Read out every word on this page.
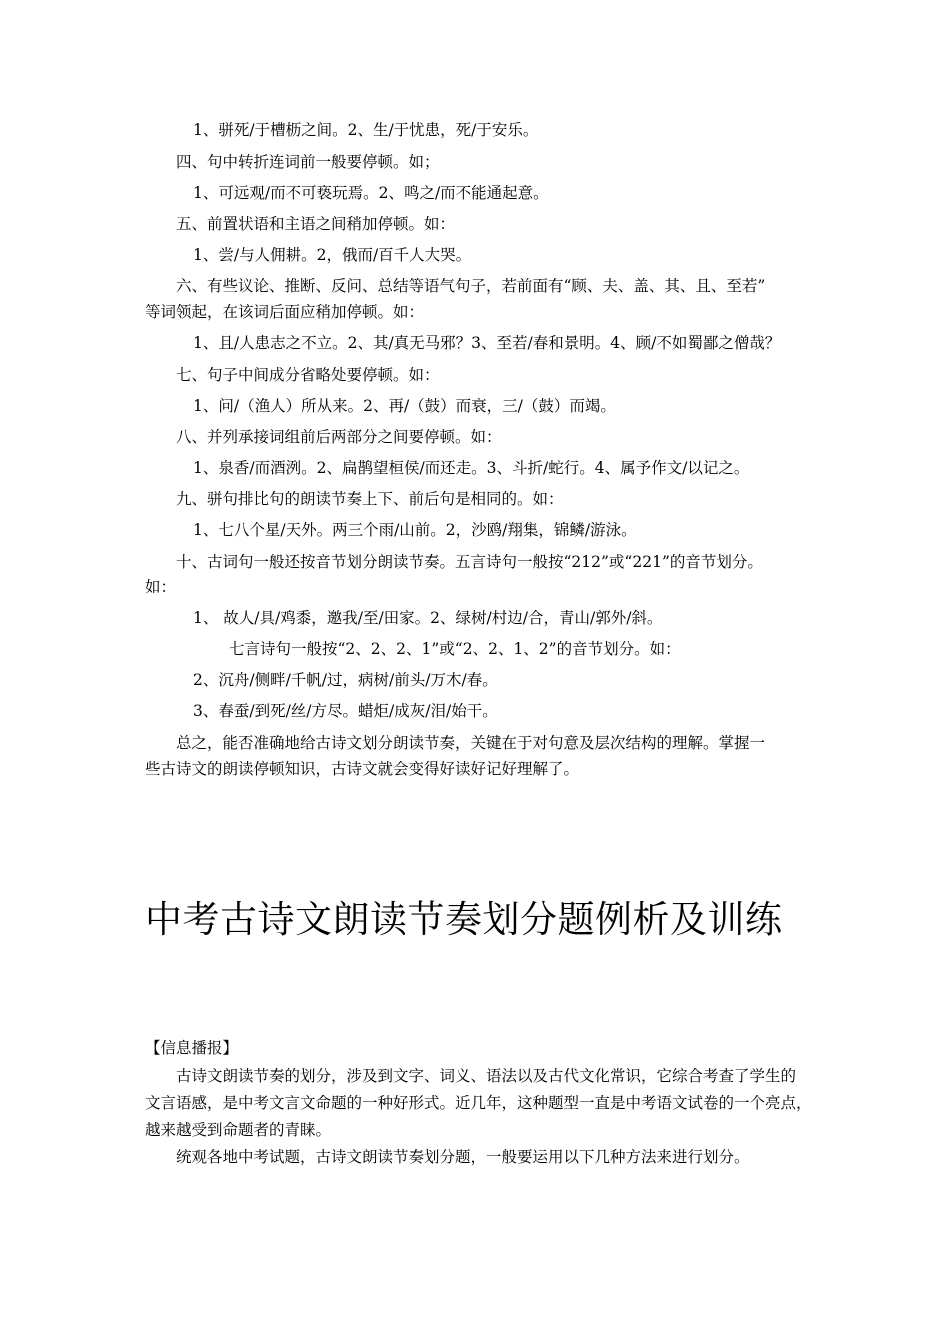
1、骈死/于槽枥之间。2、生/于忧患，死/于安乐。
四、句中转折连词前一般要停顿。如；
1、可远观/而不可亵玩焉。2、鸣之/而不能通起意。
五、前置状语和主语之间稍加停顿。如：
1、尝/与人佣耕。2，俄而/百千人大哭。
六、有些议论、推断、反问、总结等语气句子，若前面有“顾、夫、盖、其、且、至若”
等词领起，在该词后面应稍加停顿。如：
1、且/人患志之不立。2、其/真无马邪？3、至若/春和景明。4、顾/不如蜀鄙之僧哉？
七、句子中间成分省略处要停顿。如：
1、问/（渔人）所从来。2、再/（鼓）而衰，三/（鼓）而竭。
八、并列承接词组前后两部分之间要停顿。如：
1、泉香/而酒洌。2、扁鹊望桓侯/而还走。3、斗折/蛇行。4、属予作文/以记之。
九、骈句排比句的朗读节奏上下、前后句是相同的。如：
1、七八个星/天外。两三个雨/山前。2，沙鸥/翔集，锦鳞/游泳。
十、古词句一般还按音节划分朗读节奏。五言诗句一般按“212”或“221”的音节划分。
如：
1、 故人/具/鸡黍，邀我/至/田家。2、绿树/村边/合，青山/郭外/斜。
七言诗句一般按“2、2、2、1”或“2、2、1、2”的音节划分。如：
2、沉舟/侧畔/千帆/过，病树/前头/万木/春。
3、春蚕/到死/丝/方尽。蜡炬/成灰/泪/始干。
总之，能否准确地给古诗文划分朗读节奏，关键在于对句意及层次结构的理解。掌握一
些古诗文的朗读停顿知识，古诗文就会变得好读好记好理解了。
中考古诗文朗读节奏划分题例析及训练
【信息播报】
古诗文朗读节奏的划分，涉及到文字、词义、语法以及古代文化常识，它综合考查了学生的
文言语感，是中考文言文命题的一种好形式。近几年，这种题型一直是中考语文试卷的一个亮点，
越来越受到命题者的青睐。
统观各地中考试题，古诗文朗读节奏划分题，一般要运用以下几种方法来进行划分。
